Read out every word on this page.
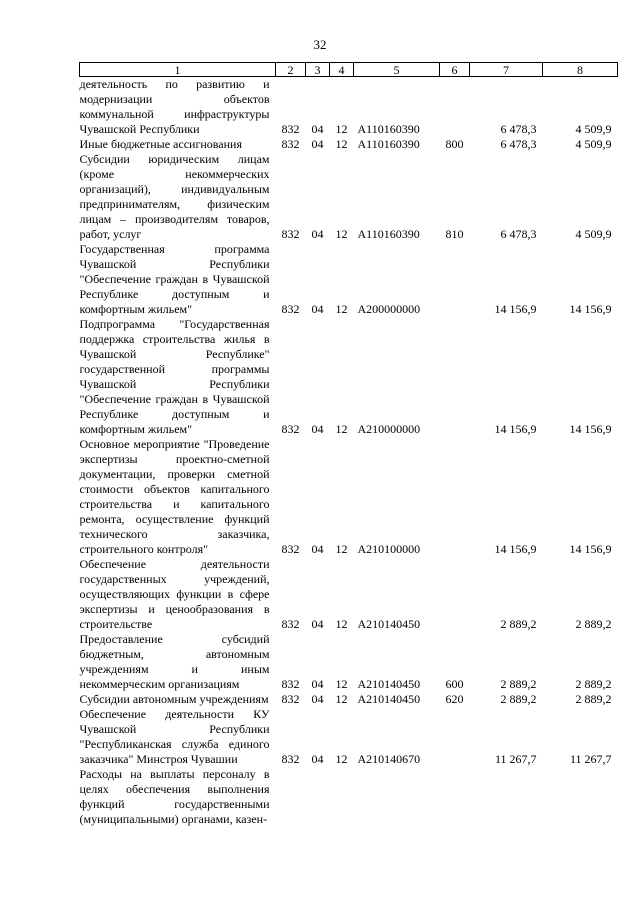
32
1	2	3	4	5	6	7	8
деятельность по развитию и модернизации объектов коммунальной инфраструктуры Чувашской Республики	832	04	12	A110160390		6 478,3	4 509,9
Иные бюджетные ассигнования	832	04	12	A110160390	800	6 478,3	4 509,9
Субсидии юридическим лицам (кроме некоммерческих организаций), индивидуальным предпринимателям, физическим лицам – производителям товаров, работ, услуг	832	04	12	A110160390	810	6 478,3	4 509,9
Государственная программа Чувашской Республики "Обеспечение граждан в Чувашской Республике доступным и комфортным жильем"	832	04	12	A200000000		14 156,9	14 156,9
Подпрограмма "Государственная поддержка строительства жилья в Чувашской Республике" государственной программы Чувашской Республики "Обеспечение граждан в Чувашской Республике доступным и комфортным жильем"	832	04	12	A210000000		14 156,9	14 156,9
Основное мероприятие "Проведение экспертизы проектно-сметной документации, проверки сметной стоимости объектов капитального строительства и капитального ремонта, осуществление функций технического заказчика, строительного контроля"	832	04	12	A210100000		14 156,9	14 156,9
Обеспечение деятельности государственных учреждений, осуществляющих функции в сфере экспертизы и ценообразования в строительстве	832	04	12	A210140450		2 889,2	2 889,2
Предоставление субсидий бюджетным, автономным учреждениям и иным некоммерческим организациям	832	04	12	A210140450	600	2 889,2	2 889,2
Субсидии автономным учреждениям	832	04	12	A210140450	620	2 889,2	2 889,2
Обеспечение деятельности КУ Чувашской Республики "Республиканская служба единого заказчика" Минстроя Чувашии	832	04	12	A210140670		11 267,7	11 267,7
Расходы на выплаты персоналу в целях обеспечения выполнения функций государственными (муниципальными) органами, казен-							
